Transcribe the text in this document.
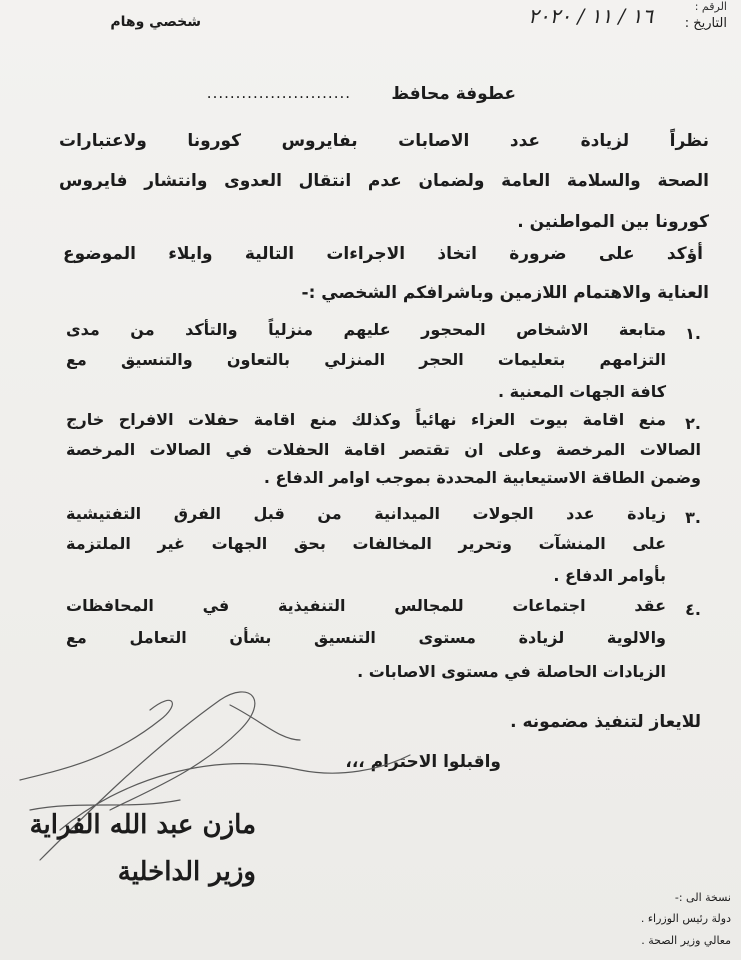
الرقم :
التاريخ :
١٦ / ١١ / ٢٠٢٠
شخصي وهام
عطوفة محافظ
.........................
نظراً لزيادة عدد الاصابات بفايروس كورونا ولاعتبارات
الصحة والسلامة العامة ولضمان عدم انتقال العدوى وانتشار فايروس
كورونا بين المواطنين .
أؤكد على ضرورة اتخاذ الاجراءات التالية وايلاء الموضوع
العناية والاهتمام اللازمين وباشرافكم الشخصي :-
١.
متابعة الاشخاص المحجور عليهم منزلياً والتأكد من مدى
التزامهم بتعليمات الحجر المنزلي بالتعاون والتنسيق مع
كافة الجهات المعنية .
٢.
منع اقامة بيوت العزاء نهائياً وكذلك منع اقامة حفلات الافراح خارج
الصالات المرخصة وعلى ان تقتصر اقامة الحفلات في الصالات المرخصة
وضمن الطاقة الاستيعابية المحددة بموجب اوامر الدفاع .
٣.
زيادة عدد الجولات الميدانية من قبل الفرق التفتيشية
على المنشآت وتحرير المخالفات بحق الجهات غير الملتزمة
بأوامر الدفاع .
٤.
عقد اجتماعات للمجالس التنفيذية في المحافظات
والالوية لزيادة مستوى التنسيق بشأن التعامل مع
الزيادات الحاصلة في مستوى الاصابات .
للايعاز لتنفيذ مضمونه .
واقبلوا الاحترام ،،،
مازن عبد الله الفراية
وزير الداخلية
نسخة الى :-
دولة رئيس الوزراء .
معالي وزير الصحة .
